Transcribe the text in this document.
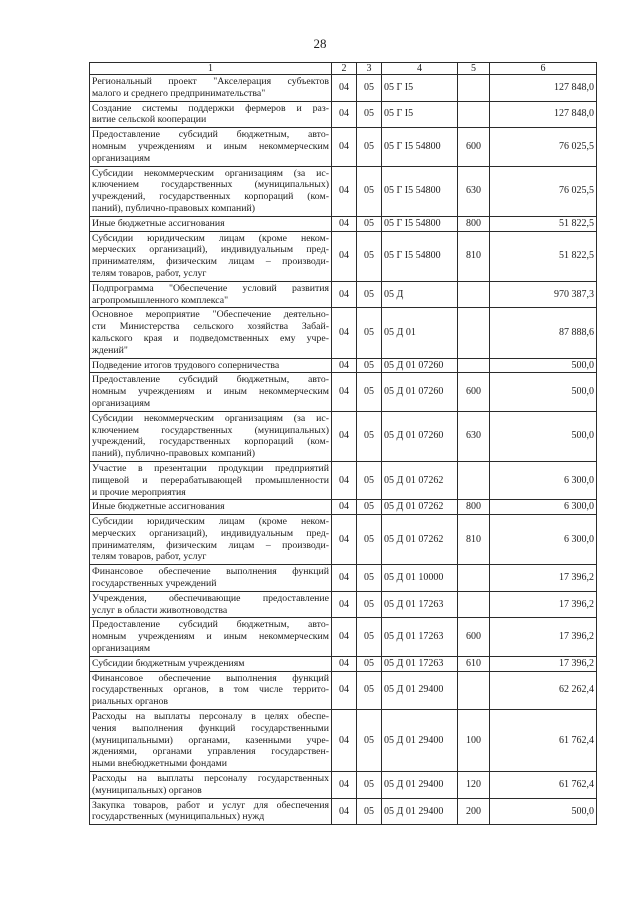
28
1	2	3	4	5	6

Региональный проект "Акселерация субъектов
малого и среднего предпринимательства"	04	05	05 Г I5		127 848,0

Создание системы поддержки фермеров и раз-
витие сельской кооперации	04	05	05 Г I5		127 848,0

Предоставление субсидий бюджетным, авто-
номным учреждениям и иным некоммерческим
организациям	04	05	05 Г I5 54800	600	76 025,5

Субсидии некоммерческим организациям (за ис-
ключением государственных (муниципальных)
учреждений, государственных корпораций (ком-
паний), публично-правовых компаний)	04	05	05 Г I5 54800	630	76 025,5

Иные бюджетные ассигнования	04	05	05 Г I5 54800	800	51 822,5

Субсидии юридическим лицам (кроме неком-
мерческих организаций), индивидуальным пред-
принимателям, физическим лицам – производи-
телям товаров, работ, услуг	04	05	05 Г I5 54800	810	51 822,5

Подпрограмма "Обеспечение условий развития
агропромышленного комплекса"	04	05	05 Д		970 387,3

Основное мероприятие "Обеспечение деятельно-
сти Министерства сельского хозяйства Забай-
кальского края и подведомственных ему учре-
ждений"	04	05	05 Д 01		87 888,6

Подведение итогов трудового соперничества	04	05	05 Д 01 07260		500,0

Предоставление субсидий бюджетным, авто-
номным учреждениям и иным некоммерческим
организациям	04	05	05 Д 01 07260	600	500,0

Субсидии некоммерческим организациям (за ис-
ключением государственных (муниципальных)
учреждений, государственных корпораций (ком-
паний), публично-правовых компаний)	04	05	05 Д 01 07260	630	500,0

Участие в презентации продукции предприятий
пищевой и перерабатывающей промышленности
и прочие мероприятия	04	05	05 Д 01 07262		6 300,0

Иные бюджетные ассигнования	04	05	05 Д 01 07262	800	6 300,0

Субсидии юридическим лицам (кроме неком-
мерческих организаций), индивидуальным пред-
принимателям, физическим лицам – производи-
телям товаров, работ, услуг	04	05	05 Д 01 07262	810	6 300,0

Финансовое обеспечение выполнения функций
государственных учреждений	04	05	05 Д 01 10000		17 396,2

Учреждения, обеспечивающие предоставление
услуг в области животноводства	04	05	05 Д 01 17263		17 396,2

Предоставление субсидий бюджетным, авто-
номным учреждениям и иным некоммерческим
организациям	04	05	05 Д 01 17263	600	17 396,2

Субсидии бюджетным учреждениям	04	05	05 Д 01 17263	610	17 396,2

Финансовое обеспечение выполнения функций
государственных органов, в том числе террито-
риальных органов	04	05	05 Д 01 29400		62 262,4

Расходы на выплаты персоналу в целях обеспе-
чения выполнения функций государственными
(муниципальными) органами, казенными учре-
ждениями, органами управления государствен-
ными внебюджетными фондами	04	05	05 Д 01 29400	100	61 762,4

Расходы на выплаты персоналу государственных
(муниципальных) органов	04	05	05 Д 01 29400	120	61 762,4

Закупка товаров, работ и услуг для обеспечения
государственных (муниципальных) нужд	04	05	05 Д 01 29400	200	500,0
